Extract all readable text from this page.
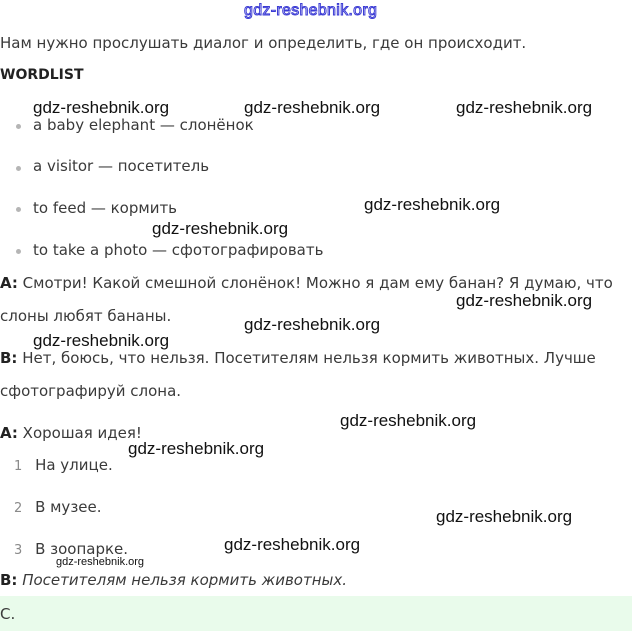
gdz-reshebnik.org
Нам нужно прослушать диалог и определить, где он происходит.
WORDLIST
a baby elephant — слонёнок
a visitor — посетитель
to feed — кормить
to take a photo — сфотографировать
A: Смотри! Какой смешной слонёнок! Можно я дам ему банан? Я думаю, что
слоны любят бананы.
B: Нет, боюсь, что нельзя. Посетителям нельзя кормить животных. Лучше
сфотографируй слона.
A: Хорошая идея!
1 На улице.
2 В музее.
3 В зоопарке.
B: Посетителям нельзя кормить животных.
C.
gdz-reshebnik.org	gdz-reshebnik.org	gdz-reshebnik.org
gdz-reshebnik.org
gdz-reshebnik.org
gdz-reshebnik.org
gdz-reshebnik.org
gdz-reshebnik.org
gdz-reshebnik.org
gdz-reshebnik.org
gdz-reshebnik.org
gdz-reshebnik.org
gdz-reshebnik.org
